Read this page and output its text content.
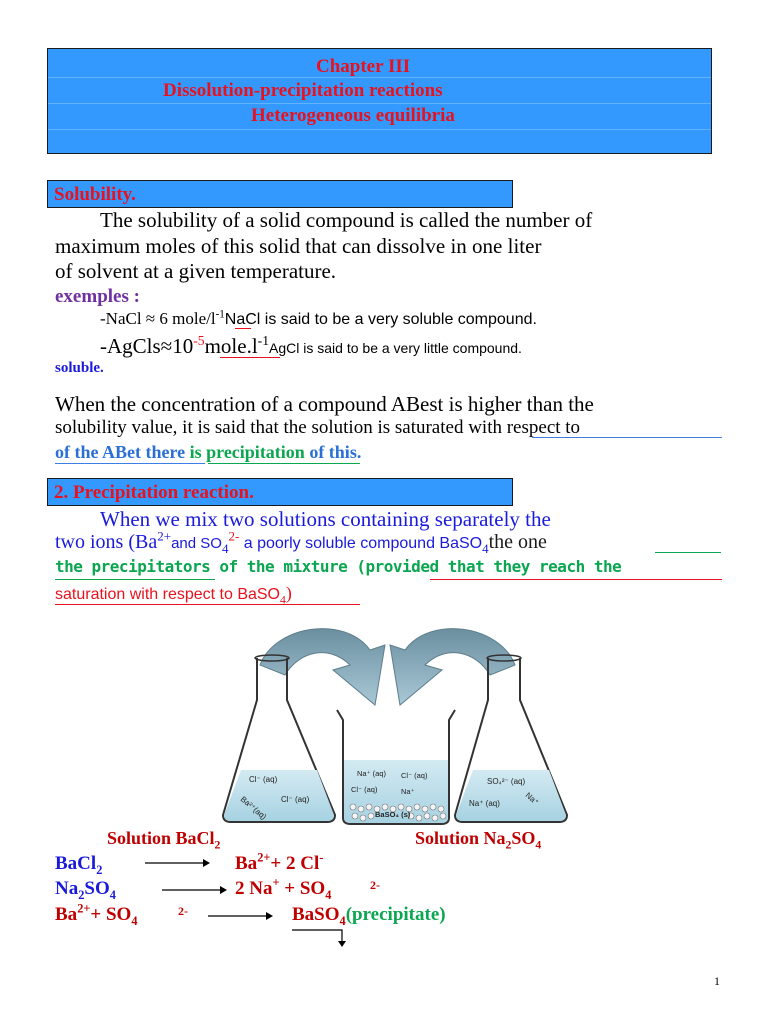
Chapter III
Dissolution-precipitation reactions
Heterogeneous equilibria
Solubility.
The solubility of a solid compound is called the number of
maximum moles of this solid that can dissolve in one liter
of solvent at a given temperature.
exemples :
-NaCl ≈ 6 mole/$l^{-1}NaCl$ is said to be a very soluble compound.
$-AgCls\approx 10^{-5}mole.l^{-1}AgCl$ is said to be a very little compound.
soluble.
When the concentration of a compound ABest is higher than the
solubility value, it is said that the solution is saturated with respect to
of the ABet there is precipitation of this.
2. Precipitation reaction.
When we mix two solutions containing separately the
two ions ($Ba^{2+}and$ $SO_4^{2-}$ a poorly soluble compound BaSO$_4$the one
the precipitators of the mixture (provided that they reach the
saturation with respect to BaSO$_4$)
Cl⁻ (aq)
Ba²⁺(aq) Cl⁻ (aq)
SO₄²⁻ (aq)
Na⁺ (aq)	Na⁺
Na⁺ (aq) Cl⁻ (aq)
Cl⁻ (aq)	Na⁺
BaSO₄ (s)
Solution BaCl$_2$	Solution $Na_2SO_4$
BaCl$_2$	$Ba^{2+}+ 2$ Cl-
$Na_2SO_4$	2 $Na^+ + SO_4$
2-
$Ba^{2+}+ SO_4$
2-	BaSO$_4$(precipitate)
1
